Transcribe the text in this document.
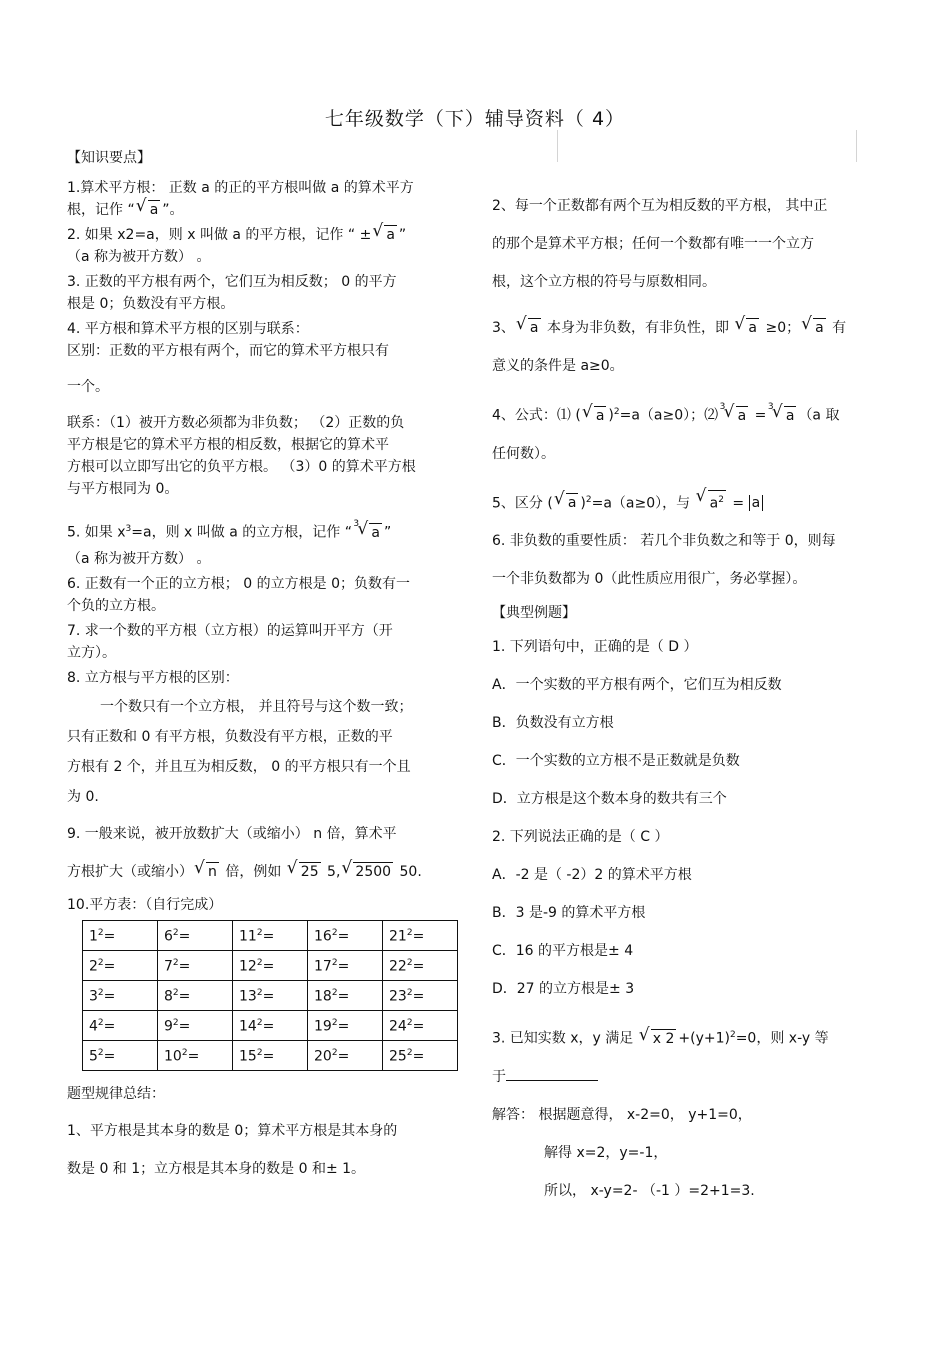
七年级数学（下）辅导资料（ 4）

【知识要点】

1.算术平方根： 正数 a 的正的平方根叫做 a 的算术平方

根，记作 “ √ a ”。

2. 如果 x2=a，则 x 叫做 a 的平方根，记作 “ ± √ a ”

（a 称为被开方数） 。

3. 正数的平方根有两个，它们互为相反数； 0 的平方

根是 0；负数没有平方根。

4. 平方根和算术平方根的区别与联系：

区别：正数的平方根有两个，而它的算术平方根只有

一个。

联系：（1）被开方数必须都为非负数； （2）正数的负

平方根是它的算术平方根的相反数，根据它的算术平

方根可以立即写出它的负平方根。 （3）0 的算术平方根

与平方根同为 0。

5. 如果 $x^3=a$，则 x 叫做 a 的立方根，记作 “
√ 3
a ”

（a 称为被开方数） 。

6. 正数有一个正的立方根； 0 的立方根是 0；负数有一

个负的立方根。

7. 求一个数的平方根（立方根）的运算叫开平方（开

立方）。

8. 立方根与平方根的区别：

一个数只有一个立方根， 并且符号与这个数一致；

只有正数和 0 有平方根，负数没有平方根，正数的平

方根有 2 个，并且互为相反数， 0 的平方根只有一个且

为 0.

9. 一般来说，被开放数扩大（或缩小） n 倍，算术平

方根扩大（或缩小） √ n 倍，例如 √ 25 5, √ 2500 50.

10.平方表：（自行完成）

$1^2=$	$6^2=$	$11^2=$	$16^2=$	$21^2=$
$2^2=$	$7^2=$	$12^2=$	$17^2=$	$22^2=$
$3^2=$	$8^2=$	$13^2=$	$18^2=$	$23^2=$
$4^2=$	$9^2=$	$14^2=$	$19^2=$	$24^2=$
$5^2=$	$10^2=$	$15^2=$	$20^2=$	$25^2=$

题型规律总结：

1、平方根是其本身的数是 0；算术平方根是其本身的

数是 0 和 1；立方根是其本身的数是 0 和± 1。

2、每一个正数都有两个互为相反数的平方根， 其中正

的那个是算术平方根；任何一个数都有唯一一个立方

根，这个立方根的符号与原数相同。

3、 √ a 本身为非负数，有非负性，即 √ a ≥0； √ a 有

意义的条件是 a≥0。

4、公式：⑴ ( √ a )$^2$=a（a≥0）；⑵
√ 3
a =
√ 3
a （a 取

任何数）。

5、区分 ( √ a )$^2$=a（a≥0），与 √ $a^2 = a$

6. 非负数的重要性质： 若几个非负数之和等于 0，则每

一个非负数都为 0（此性质应用很广，务必掌握）。

【典型例题】

1. 下列语句中，正确的是（ D ）

A．一个实数的平方根有两个，它们互为相反数

B．负数没有立方根

C．一个实数的立方根不是正数就是负数

D．立方根是这个数本身的数共有三个

2. 下列说法正确的是（ C ）

A．-2 是（ -2）2 的算术平方根

B．3 是-9 的算术平方根

C．16 的平方根是± 4

D．27 的立方根是± 3

3. 已知实数 x，y 满足 √ x $2 +(y+1)^2=0$，则 x-y 等

于

解答： 根据题意得， x-2=0， y+1=0，

解得 x=2，y=-1，

所以， x-y=2- （-1 ）=2+1=3.
